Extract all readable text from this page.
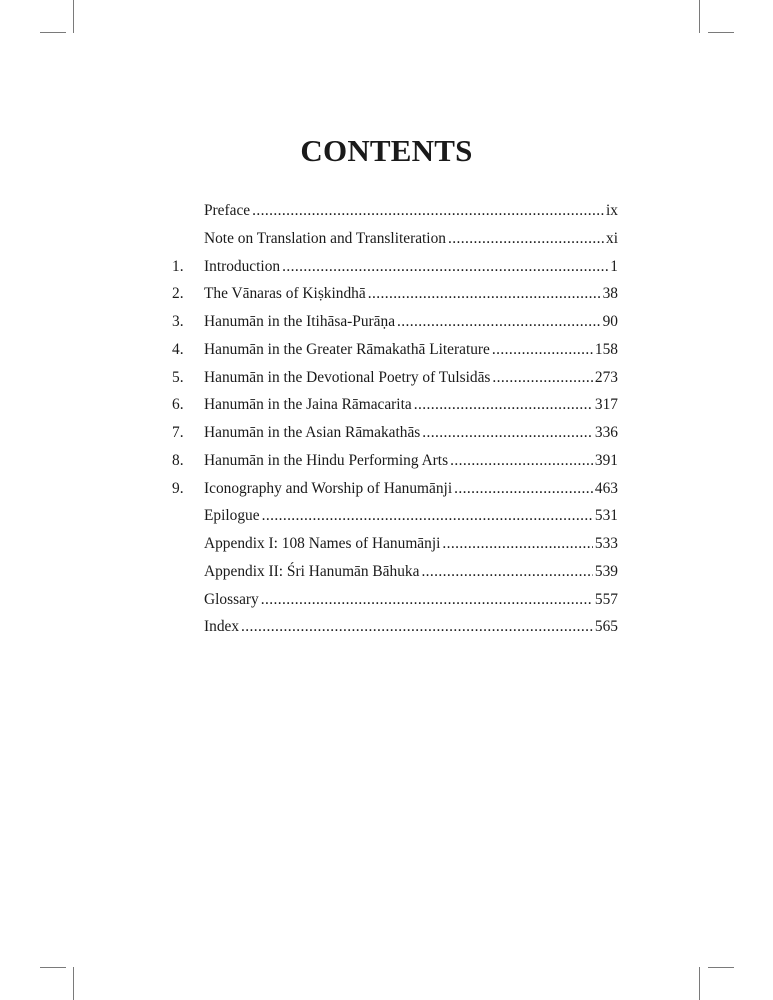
CONTENTS
Preface .....	ix
Note on Translation and Transliteration .....	xi
1.	Introduction .....	1
2.	The Vānaras of Kiṣkindhā .....	38
3.	Hanumān in the Itihāsa-Purāṇa .....	90
4.	Hanumān in the Greater Rāmakathā Literature .....	158
5.	Hanumān in the Devotional Poetry of Tulsidās .....	273
6.	Hanumān in the Jaina Rāmacarita .....	317
7.	Hanumān in the Asian Rāmakathās .....	336
8.	Hanumān in the Hindu Performing Arts .....	391
9.	Iconography and Worship of Hanumānji .....	463
Epilogue .....	531
Appendix I: 108 Names of Hanumānji .....	533
Appendix II: Śri Hanumān Bāhuka .....	539
Glossary .....	557
Index .....	565
